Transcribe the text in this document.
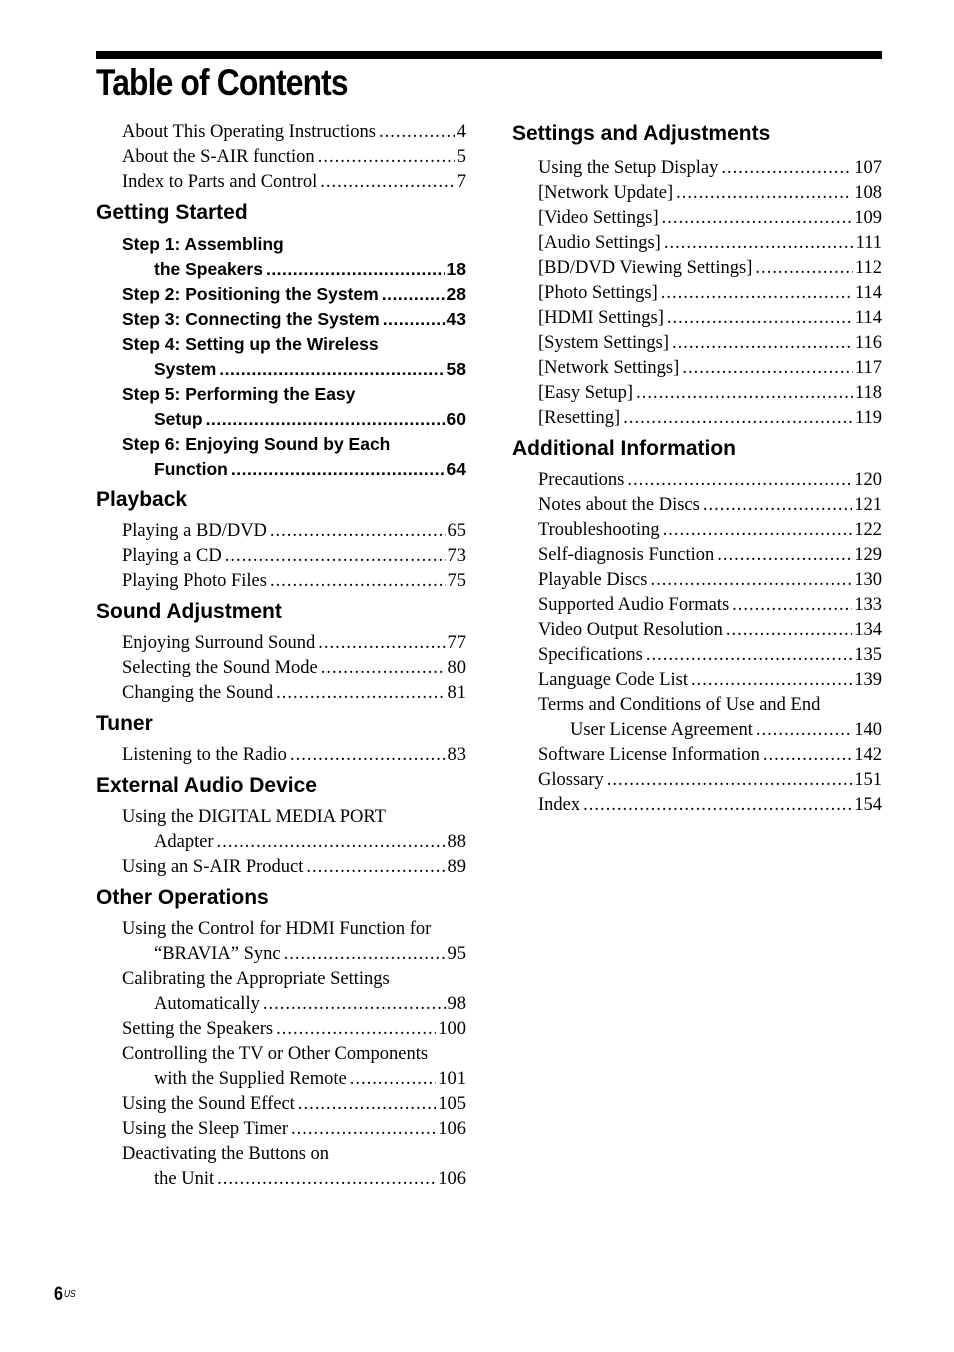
Table of Contents
About This Operating Instructions .....	4
About the S-AIR function .....	5
Index to Parts and Control .....	7
Getting Started
Step 1: Assembling
the Speakers .....	18
Step 2: Positioning the System .....	28
Step 3: Connecting the System .....	43
Step 4: Setting up the Wireless
System .....	58
Step 5: Performing the Easy
Setup .....	60
Step 6: Enjoying Sound by Each
Function .....	64
Playback
Playing a BD/DVD .....	65
Playing a CD .....	73
Playing Photo Files .....	75
Sound Adjustment
Enjoying Surround Sound .....	77
Selecting the Sound Mode .....	80
Changing the Sound .....	81
Tuner
Listening to the Radio .....	83
External Audio Device
Using the DIGITAL MEDIA PORT
Adapter .....	88
Using an S-AIR Product .....	89
Other Operations
Using the Control for HDMI Function for
“BRAVIA” Sync .....	95
Calibrating the Appropriate Settings
Automatically .....	98
Setting the Speakers .....	100
Controlling the TV or Other Components
with the Supplied Remote .....	101
Using the Sound Effect .....	105
Using the Sleep Timer .....	106
Deactivating the Buttons on
the Unit .....	106
Settings and Adjustments
Using the Setup Display .....	107
[Network Update] .....	108
[Video Settings] .....	109
[Audio Settings] .....	111
[BD/DVD Viewing Settings] .....	112
[Photo Settings] .....	114
[HDMI Settings] .....	114
[System Settings] .....	116
[Network Settings] .....	117
[Easy Setup] .....	118
[Resetting] .....	119
Additional Information
Precautions .....	120
Notes about the Discs .....	121
Troubleshooting .....	122
Self-diagnosis Function .....	129
Playable Discs .....	130
Supported Audio Formats .....	133
Video Output Resolution .....	134
Specifications .....	135
Language Code List .....	139
Terms and Conditions of Use and End
User License Agreement .....	140
Software License Information .....	142
Glossary .....	151
Index .....	154
$6^{US}$
